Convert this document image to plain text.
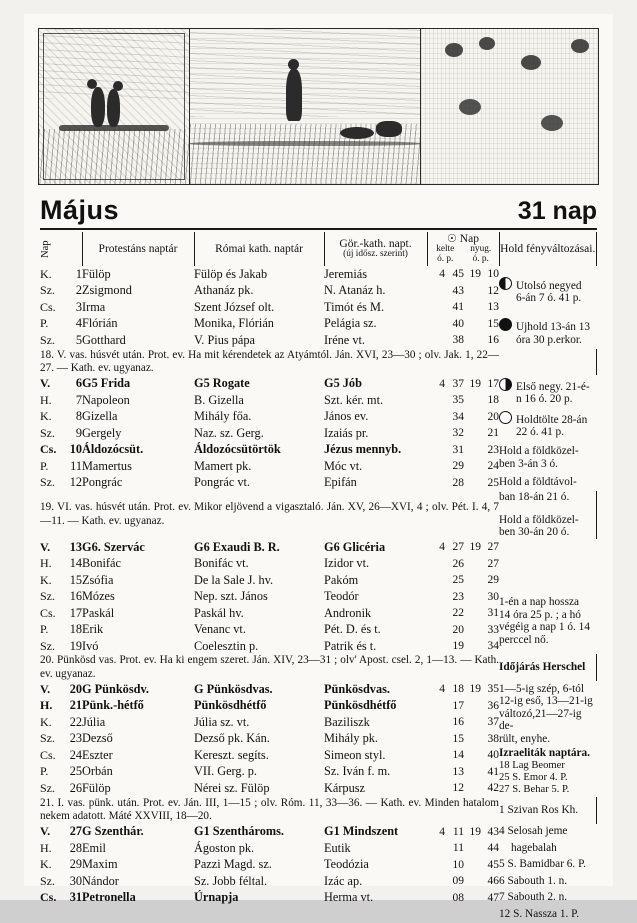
Május	31 nap
Nap	Protestáns naptár	Római kath. naptár	Gör.-kath. napt.
(új idősz. szerint)

☉ Nap
kelte	nyug.
ó. p.	ó. p.
	Hold fényváltozásai.
K.	1	Fülöp	Fülöp és Jakab	Jeremiás	4	45	19	10	Utolsó negyed
6-án 7 ó. 41 p.

Sz.	2	Zsigmond	Athanáz pk.	N. Atanáz h.		43		12	
Cs.	3	Irma	Szent József olt.	Timót és M.		41		13	
P.	4	Flórián	Monika, Flórián	Pelágia sz.		40		15	Ujhold 13-án 13
óra 30 p.erkor.

Sz.	5	Gotthard	V. Pius pápa	Iréne vt.		38		16	
18. V. vas. húsvét után. Prot. ev. Ha mit kérendetek az Atyámtól. Ján. XVI, 23—30 ; olv. Jak. 1, 22—27. — Kath. ev. ugyanaz.									
V.	6	G5 Frida	G5 Rogate	G5 Jób	4	37	19	17	Első negy. 21-é-
n 16 ó. 20 p.

H.	7	Napoleon	B. Gizella	Szt. kér. mt.		35		18	
K.	8	Gizella	Mihály főa.	János ev.		34		20	Holdtölte 28-án
22 ó. 41 p.

Sz.	9	Gergely	Naz. sz. Gerg.	Izaiás pr.		32		21	
Cs.	10	Áldozócsüt.	Áldozócsütörtök	Jézus mennyb.		31		23	Hold a földközel-
ben 3-án 3 ó.

P.	11	Mamertus	Mamert pk.	Móc vt.		29		24	
Sz.	12	Pongrác	Pongrác vt.	Epifán		28		25	Hold a földtávol-

19. VI. vas. húsvét után. Prot. ev. Mikor eljövend a vigasztaló. Ján. XV, 26—XVI, 4 ; olv. Pét. I. 4, 7—11. — Kath. ev. ugyanaz.									ban 18-án 21 ó.
Hold a földközel-
ben 30-án 20 ó.

V.	13	G6. Szervác	G6 Exaudi B. R.	G6 Glicéria	4	27	19	27	
H.	14	Bonifác	Bonifác vt.	Izidor vt.		26		27	
K.	15	Zsófia	De la Sale J. hv.	Pakóm		25		29	
Sz.	16	Mózes	Nep. szt. János	Teodór		23		30	1-én a nap hossza
14 óra 25 p. ; a hó
végéig a nap 1 ó. 14
perccel nő.

Cs.	17	Paskál	Paskál hv.	Andronik		22		31	
P.	18	Erik	Venanc vt.	Pét. D. és t.		20		33	
Sz.	19	Ivó	Coelesztin p.	Patrik és t.		19		34	
20. Pünkösd vas. Prot. ev. Ha ki engem szeret. Ján. XIV, 23—31 ; olv' Apost. csel. 2, 1—13. — Kath. ev. ugyanaz.									Időjárás Herschel
V.	20	G Pünkösdv.	G Pünkösdvas.	Pünkösdvas.	4	18	19	35	1—5-ig szép, 6-tól
12-ig eső, 13—21-ig
változó,21—27-ig de-
rült, enyhe.

H.	21	Pünk.-hétfő	Pünkösdhétfő	Pünkösdhétfő		17		36	
K.	22	Júlia	Júlia sz. vt.	Baziliszk		16		37	
Sz.	23	Dezső	Dezső pk. Kán.	Mihály pk.		15		38	
Cs.	24	Eszter	Kereszt. segíts.	Simeon styl.		14		40	Izraeliták naptára.
18 Lag Beomer
25 S. Emor 4. P.
27 S. Behar 5. P.

P.	25	Orbán	VII. Gerg. p.	Sz. Iván f. m.		13		41	
Sz.	26	Fülöp	Nérei sz. Fülöp	Kárpusz		12		42	
21. I. vas. pünk. után. Prot. ev. Ján. III, 1—15 ; olv. Róm. 11, 33—36. — Kath. ev. Minden hatalom nekem adatott. Máté XXVIII, 18—20.									1 Szivan Ros Kh.

V.	27	G Szenthár.	G1 Szenthároms.	G1 Mindszent	4	11	19	43	4 Selosah jeme

H.	28	Emil	Ágoston pk.	Eutik		11		44	hagebalah

K.	29	Maxim	Pazzi Magd. sz.	Teodózia		10		45	5 S. Bamidbar 6. P.

Sz.	30	Nándor	Sz. Jobb féltal.	Izác ap.		09		46	6 Sabouth 1. n.

Cs.	31	Petronella	Úrnapja	Herma vt.		08		47	7 Sabouth 2. n.

									12 S. Nassza 1. P.
